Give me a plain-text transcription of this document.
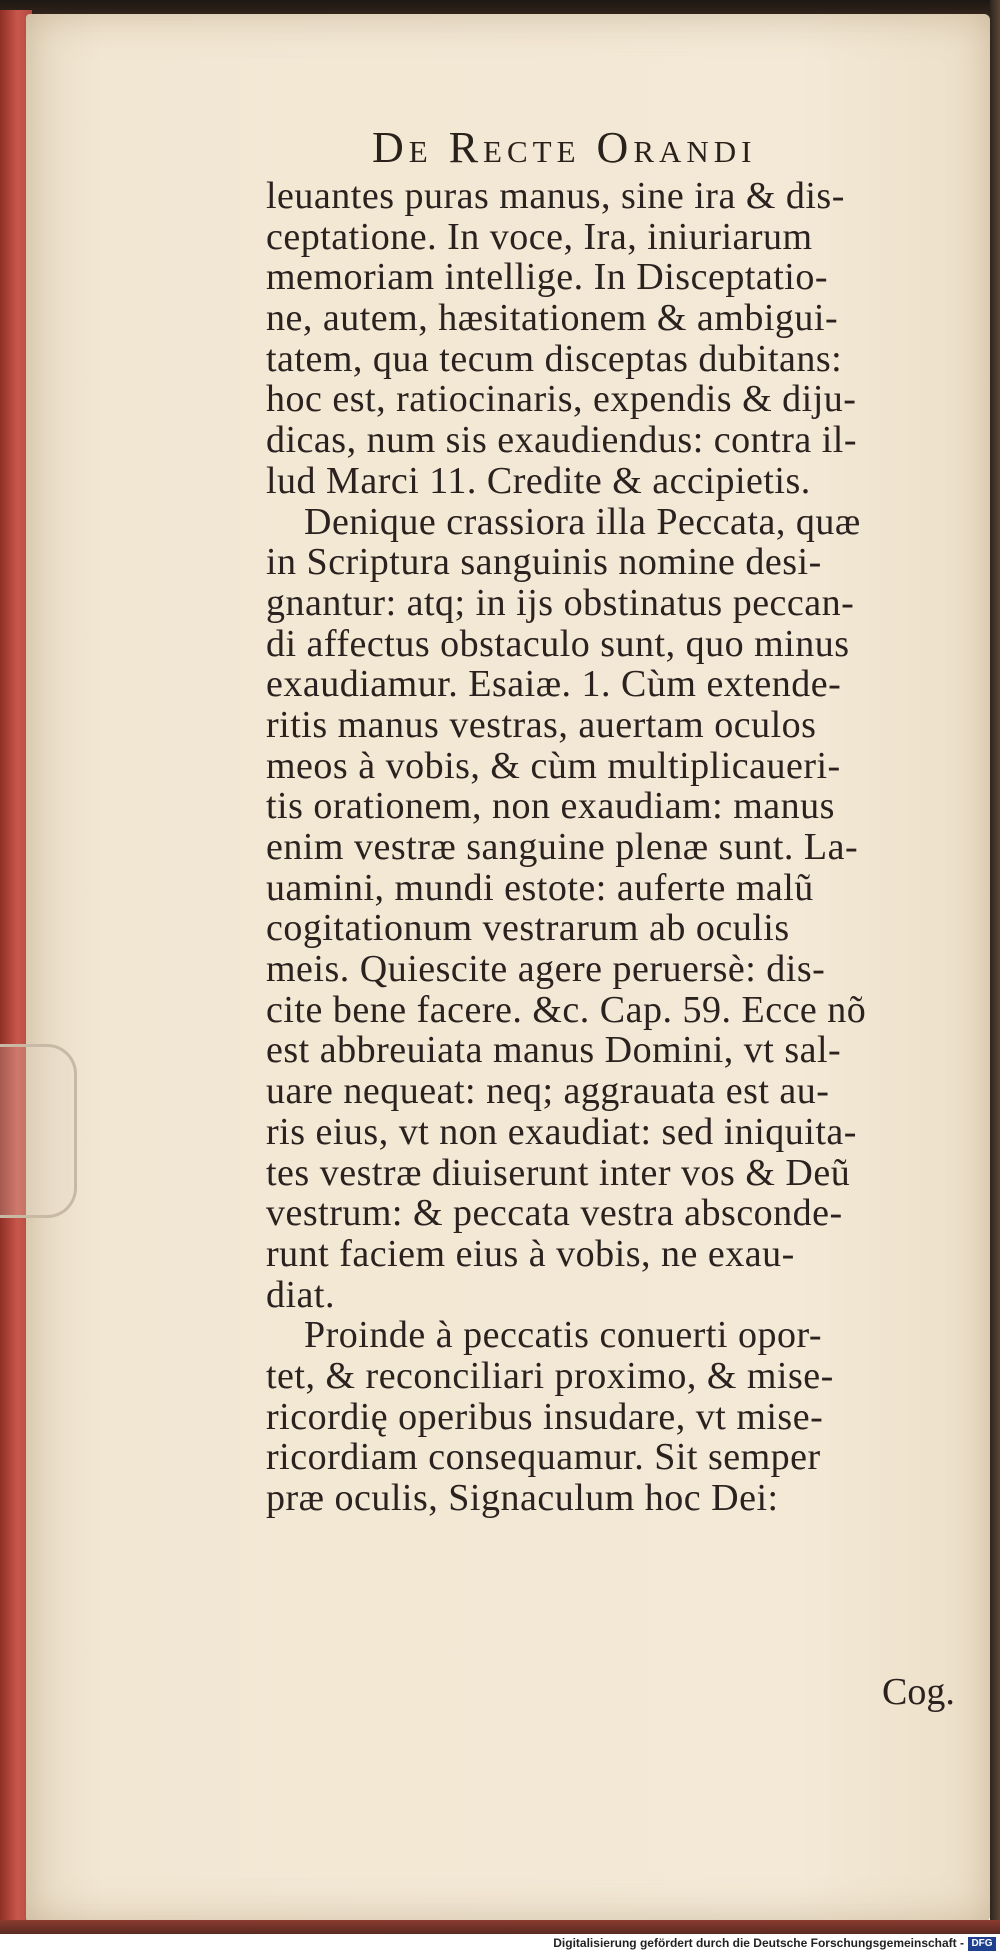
De Recte Orandi
leuantes puras manus, sine ira & dis-
ceptatione. In voce, Ira, iniuriarum
memoriam intellige. In Disceptatio-
ne, autem, hæsitationem & ambigui-
tatem, qua tecum disceptas dubitans:
hoc est, ratiocinaris, expendis & diju-
dicas, num sis exaudiendus: contra il-
lud Marci 11. Credite & accipietis.
Denique crassiora illa Peccata, quæ
in Scriptura sanguinis nomine desi-
gnantur: atq; in ijs obstinatus peccan-
di affectus obstaculo sunt, quo minus
exaudiamur. Esaiæ. 1. Cùm extende-
ritis manus vestras, auertam oculos
meos à vobis, & cùm multiplicaueri-
tis orationem, non exaudiam: manus
enim vestræ sanguine plenæ sunt. La-
uamini, mundi estote: auferte malũ
cogitationum vestrarum ab oculis
meis. Quiescite agere peruersè: dis-
cite bene facere. &c. Cap. 59. Ecce nõ
est abbreuiata manus Domini, vt sal-
uare nequeat: neq; aggrauata est au-
ris eius, vt non exaudiat: sed iniquita-
tes vestræ diuiserunt inter vos & Deũ
vestrum: & peccata vestra absconde-
runt faciem eius à vobis, ne exau-
diat.
Proinde à peccatis conuerti opor-
tet, & reconciliari proximo, & mise-
ricordię operibus insudare, vt mise-
ricordiam consequamur. Sit semper
præ oculis, Signaculum hoc Dei:
Cog.
Digitalisierung gefördert durch die Deutsche Forschungsgemeinschaft - DFG
